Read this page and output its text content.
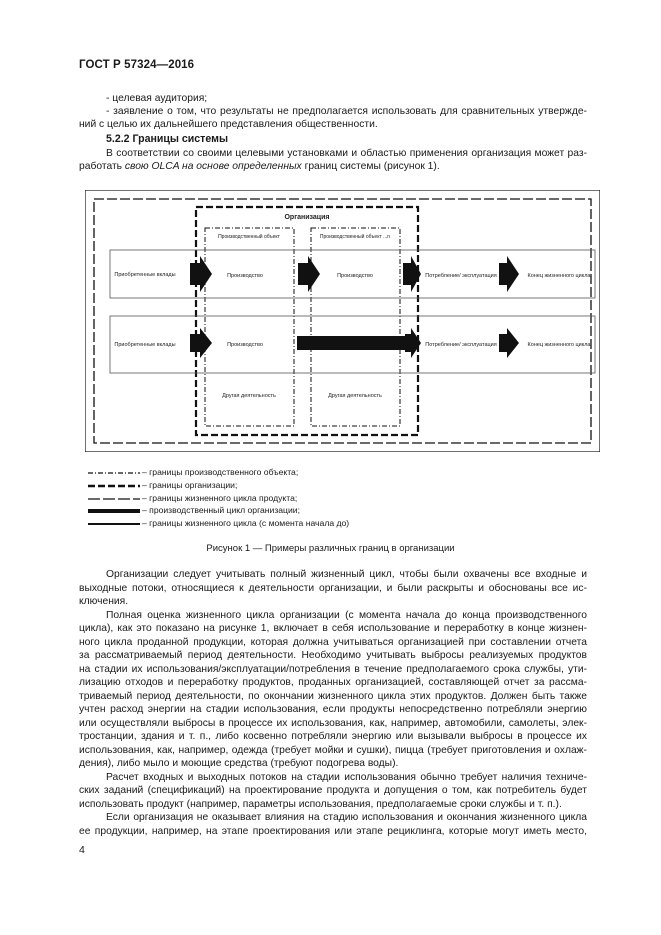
ГОСТ Р 57324—2016
- целевая аудитория;
- заявление о том, что результаты не предполагается использовать для сравнительных утвержде-
ний с целью их дальнейшего представления общественности.
5.2.2 Границы системы
В соответствии со своими целевыми установками и областью применения организация может раз-
работать свою OLCA на основе определенных границ системы (рисунок 1).
Организация
Производственный объект	Производственный объект ...n
Приобретенные вклады	Производство	Производство	Потребление/ эксплуатация	Конец жизненного цикла
Приобретенные вклады	Производство	Потребление/ эксплуатация	Конец жизненного цикла
Другая деятельность	Другая деятельность
– границы производственного объекта;
– границы организации;
– границы жизненного цикла продукта;
– производственный цикл организации;
– границы жизненного цикла (с момента начала до)
Рисунок 1 — Примеры различных границ в организации
Организации следует учитывать полный жизненный цикл, чтобы были охвачены все входные и
выходные потоки, относящиеся к деятельности организации, и были раскрыты и обоснованы все ис-
ключения.
Полная оценка жизненного цикла организации (с момента начала до конца производственного
цикла), как это показано на рисунке 1, включает в себя использование и переработку в конце жизнен-
ного цикла проданной продукции, которая должна учитываться организацией при составлении отчета
за рассматриваемый период деятельности. Необходимо учитывать выбросы реализуемых продуктов
на стадии их использования/эксплуатации/потребления в течение предполагаемого срока службы, ути-
лизацию отходов и переработку продуктов, проданных организацией, составляющей отчет за рассма-
триваемый период деятельности, по окончании жизненного цикла этих продуктов. Должен быть также
учтен расход энергии на стадии использования, если продукты непосредственно потребляли энергию
или осуществляли выбросы в процессе их использования, как, например, автомобили, самолеты, элек-
тростанции, здания и т. п., либо косвенно потребляли энергию или вызывали выбросы в процессе их
использования, как, например, одежда (требует мойки и сушки), пицца (требует приготовления и охлаж-
дения), либо мыло и моющие средства (требуют подогрева воды).
Расчет входных и выходных потоков на стадии использования обычно требует наличия техниче-
ских заданий (спецификаций) на проектирование продукта и допущения о том, как потребитель будет
использовать продукт (например, параметры использования, предполагаемые сроки службы и т. п.).
Если организация не оказывает влияния на стадию использования и окончания жизненного цикла
ее продукции, например, на этапе проектирования или этапе рециклинга, которые могут иметь место,
4
